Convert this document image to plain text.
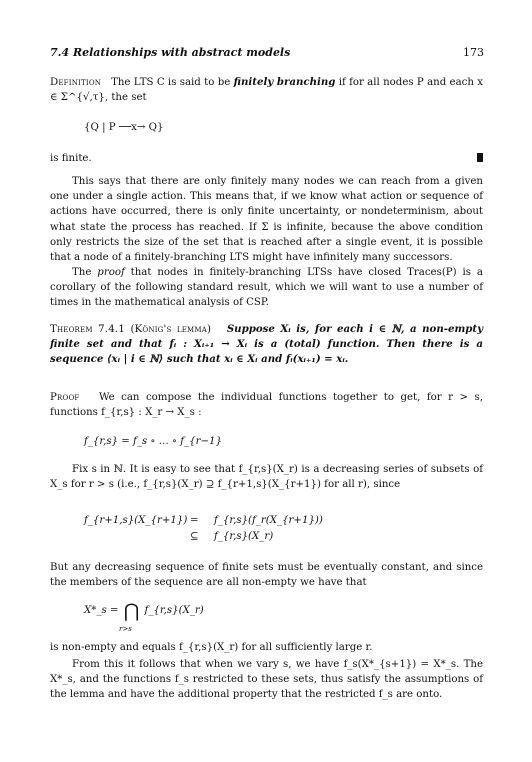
7.4 Relationships with abstract models	173

Definition The LTS C is said to be finitely branching if for all nodes P and each x ∈ Σ^{√,τ}, the set

{Q | P ──x→ Q}

is finite.

This says that there are only finitely many nodes we can reach from a given one under a single action. This means that, if we know what action or sequence of actions have occurred, there is only finite uncertainty, or nondeterminism, about what state the process has reached. If Σ is infinite, because the above condition only restricts the size of the set that is reached after a single event, it is possible that a node of a finitely-branching LTS might have infinitely many successors.

The proof that nodes in finitely-branching LTSs have closed Traces(P) is a corollary of the following standard result, which we will want to use a number of times in the mathematical analysis of CSP.

Theorem 7.4.1 (König's lemma) Suppose Xᵢ is, for each i ∈ ℕ, a non-empty finite set and that fᵢ : Xᵢ₊₁ → Xᵢ is a (total) function. Then there is a sequence ⟨xᵢ | i ∈ ℕ⟩ such that xᵢ ∈ Xᵢ and fᵢ(xᵢ₊₁) = xᵢ.

Proof We can compose the individual functions together to get, for r > s, functions f_{r,s} : X_r → X_s :

f_{r,s} = f_s ∘ … ∘ f_{r−1}

Fix s in ℕ. It is easy to see that f_{r,s}(X_r) is a decreasing series of subsets of X_s for r > s (i.e., f_{r,s}(X_r) ⊇ f_{r+1,s}(X_{r+1}) for all r), since

f_{r+1,s}(X_{r+1}) = f_{r,s}(f_r(X_{r+1}))
⊆ f_{r,s}(X_r)

But any decreasing sequence of finite sets must be eventually constant, and since the members of the sequence are all non-empty we have that

X*_s = ⋂ f_{r,s}(X_r)
r>s

is non-empty and equals f_{r,s}(X_r) for all sufficiently large r.

From this it follows that when we vary s, we have f_s(X*_{s+1}) = X*_s. The X*_s, and the functions f_s restricted to these sets, thus satisfy the assumptions of the lemma and have the additional property that the restricted f_s are onto.
